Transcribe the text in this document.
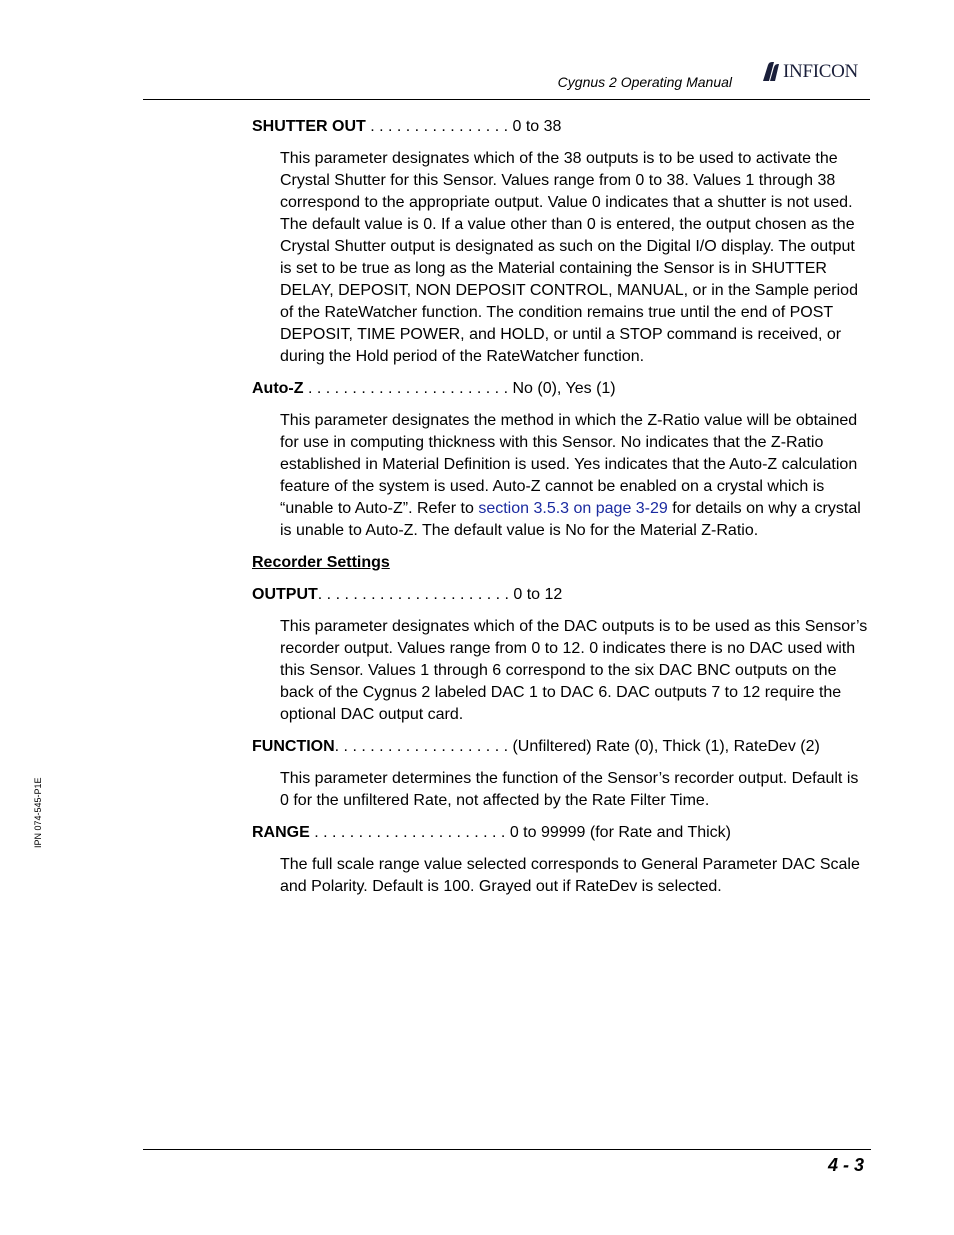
Cygnus 2 Operating Manual	INFICON
IPN 074-545-P1E

SHUTTER OUT . . . . . . . . . . . . . . . . 0 to 38

This parameter designates which of the 38 outputs is to be used to activate the Crystal Shutter for this Sensor. Values range from 0 to 38. Values 1 through 38 correspond to the appropriate output. Value 0 indicates that a shutter is not used. The default value is 0. If a value other than 0 is entered, the output chosen as the Crystal Shutter output is designated as such on the Digital I/O display. The output is set to be true as long as the Material containing the Sensor is in SHUTTER DELAY, DEPOSIT, NON DEPOSIT CONTROL, MANUAL, or in the Sample period of the RateWatcher function. The condition remains true until the end of POST DEPOSIT, TIME POWER, and HOLD, or until a STOP command is received, or during the Hold period of the RateWatcher function.

Auto-Z . . . . . . . . . . . . . . . . . . . . . . . No (0), Yes (1)

This parameter designates the method in which the Z-Ratio value will be obtained for use in computing thickness with this Sensor. No indicates that the Z-Ratio established in Material Definition is used. Yes indicates that the Auto-Z calculation feature of the system is used. Auto-Z cannot be enabled on a crystal which is “unable to Auto-Z”. Refer to section 3.5.3 on page 3-29 for details on why a crystal is unable to Auto-Z. The default value is No for the Material Z-Ratio.

Recorder Settings

OUTPUT. . . . . . . . . . . . . . . . . . . . . . 0 to 12

This parameter designates which of the DAC outputs is to be used as this Sensor’s recorder output. Values range from 0 to 12. 0 indicates there is no DAC used with this Sensor. Values 1 through 6 correspond to the six DAC BNC outputs on the back of the Cygnus 2 labeled DAC 1 to DAC 6. DAC outputs 7 to 12 require the optional DAC output card.

FUNCTION. . . . . . . . . . . . . . . . . . . . (Unfiltered) Rate (0), Thick (1), RateDev (2)

This parameter determines the function of the Sensor’s recorder output. Default is 0 for the unfiltered Rate, not affected by the Rate Filter Time.

RANGE . . . . . . . . . . . . . . . . . . . . . . 0 to 99999 (for Rate and Thick)

The full scale range value selected corresponds to General Parameter DAC Scale and Polarity. Default is 100. Grayed out if RateDev is selected.

4 - 3
